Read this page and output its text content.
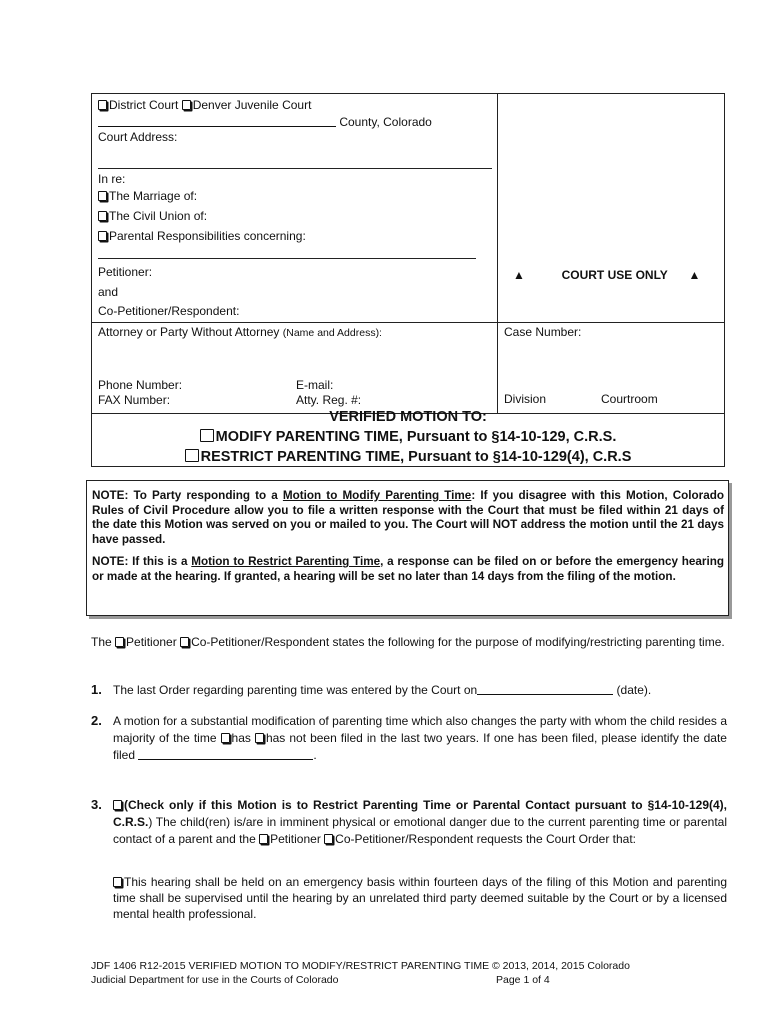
District Court Denver Juvenile Court
County, Colorado
Court Address:
In re:
The Marriage of:
The Civil Union of:
Parental Responsibilities concerning:
Petitioner:
and
Co-Petitioner/Respondent:
Attorney or Party Without Attorney (Name and Address):
Phone Number:
FAX Number:
E-mail:
Atty. Reg. #:
▲	COURT USE ONLY ▲
Case Number:
Division	Courtroom
VERIFIED MOTION TO:
MODIFY PARENTING TIME, Pursuant to §14-10-129, C.R.S.
RESTRICT PARENTING TIME, Pursuant to §14-10-129(4), C.R.S

NOTE: To Party responding to a Motion to Modify Parenting Time: If you disagree with this Motion, Colorado Rules of Civil Procedure allow you to file a written response with the Court that must be filed within 21 days of the date this Motion was served on you or mailed to you. The Court will NOT address the motion until the 21 days have passed.

NOTE: If this is a Motion to Restrict Parenting Time, a response can be filed on or before the emergency hearing or made at the hearing. If granted, a hearing will be set no later than 14 days from the filing of the motion.

The Petitioner Co-Petitioner/Respondent states the following for the purpose of modifying/restricting parenting time.
1. The last Order regarding parenting time was entered by the Court on	(date).
2. A motion for a substantial modification of parenting time which also changes the party with whom the child resides a majority of the time has has not been filed in the last two years. If one has been filed, please identify the date filed	.
3.	(Check only if this Motion is to Restrict Parenting Time or Parental Contact pursuant to §14-10-129(4), C.R.S.) The child(ren) is/are in imminent physical or emotional danger due to the current parenting time or parental contact of a parent and the Petitioner Co-Petitioner/Respondent requests the Court Order that:
This hearing shall be held on an emergency basis within fourteen days of the filing of this Motion and parenting time shall be supervised until the hearing by an unrelated third party deemed suitable by the Court or by a licensed mental health professional.
JDF 1406 R12-2015 VERIFIED MOTION TO MODIFY/RESTRICT PARENTING TIME © 2013, 2014, 2015 Colorado
Judicial Department for use in the Courts of Colorado	Page 1 of 4
